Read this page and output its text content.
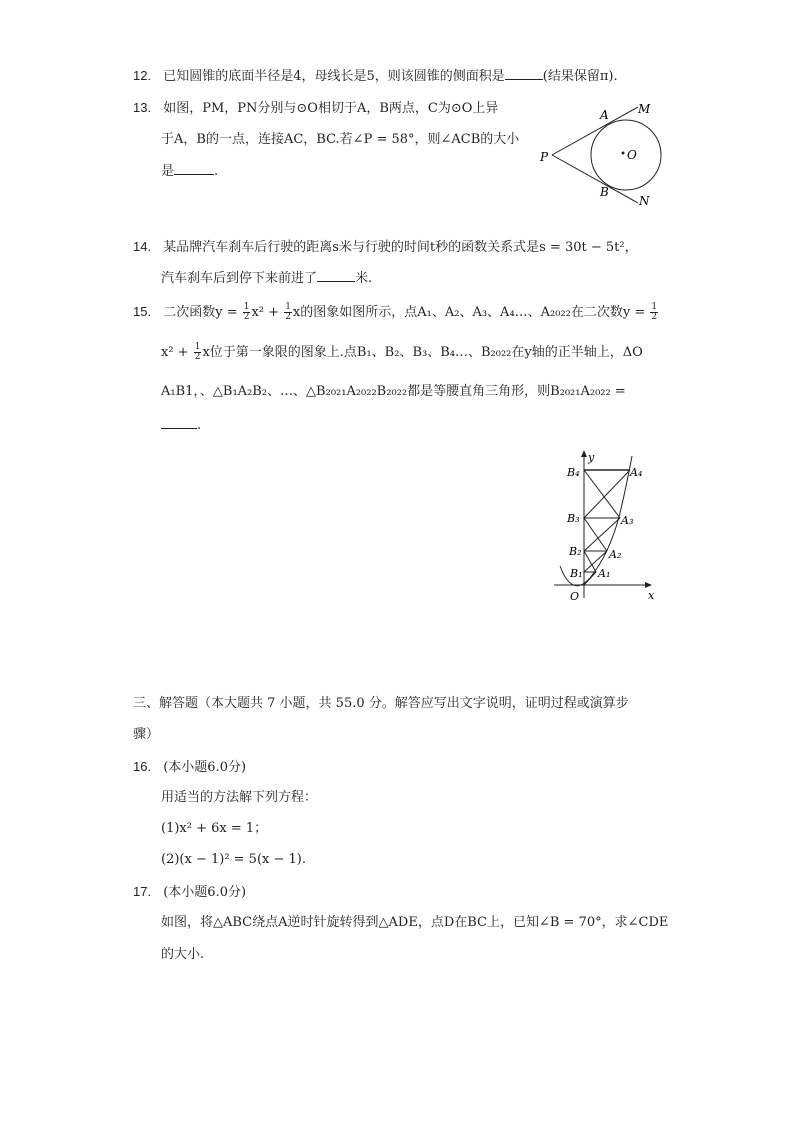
12. 已知圆锥的底面半径是4，母线长是5，则该圆锥的侧面积是	(结果保留π).
13. 如图，PM，PN分别与⊙O相切于A，B两点，C为⊙O上异
于A，B的一点，连接AC，BC.若∠P = 58°，则∠ACB的大小
是	.
A M
P	O
B
N
14. 某品牌汽车刹车后行驶的距离s米与行驶的时间t秒的函数关系式是s = 30t − 5t²，
汽车刹车后到停下来前进了	米.
15. 二次函数$y = \frac{1}{2} x^2 + \frac{1}{2}$ x的图象如图所示，点A₁、A₂、A₃、A₄…、A₂₀₂₂在二次数$y = \frac{1}{2}$
$x^2 + \frac{1}{2}$ x位于第一象限的图象上.点B₁、B₂、B₃、B₄…、B₂₀₂₂在y轴的正半轴上，ΔO
A₁B1，、△B₁A₂B₂、…、△B₂₀₂₁A₂₀₂₂B₂₀₂₂都是等腰直角三角形，则B₂₀₂₁A₂₀₂₂ =
.
y
x
O
B₄
B₃
B₂
B₁
A₄
A₃
A₂
A₁
三、解答题（本大题共 7 小题，共 55.0 分。解答应写出文字说明，证明过程或演算步
骤）
16. (本小题6.0分)
用适当的方法解下列方程：
(1)x² + 6x = 1；
(2)(x − 1)² = 5(x − 1).
17. (本小题6.0分)
如图，将△ABC绕点A逆时针旋转得到△ADE，点D在BC上，已知∠B = 70°，求∠CDE
的大小.
